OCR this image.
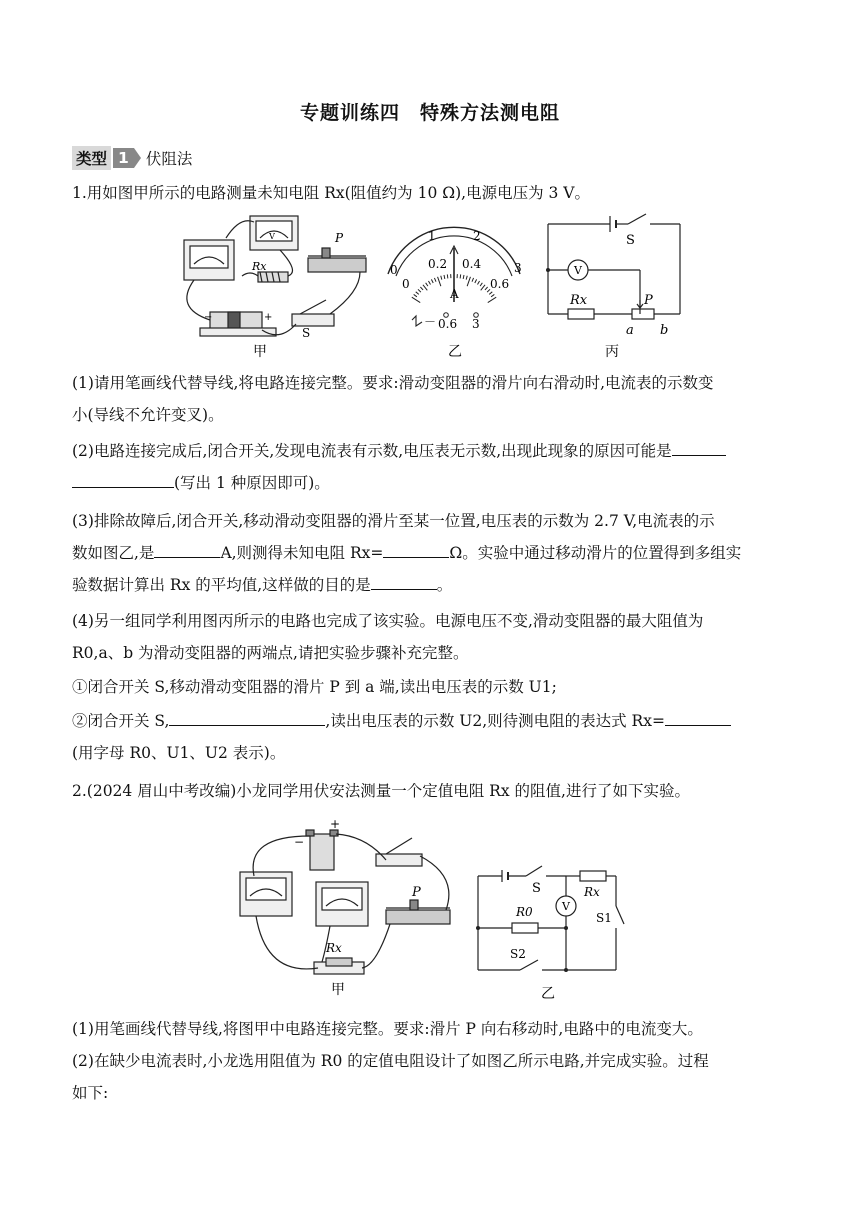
专题训练四　特殊方法测电阻
类型 1	伏阻法
1.用如图甲所示的电路测量未知电阻 Rx(阻值约为 10 Ω),电源电压为 3 V。
V	P
Rx
S
−	+
甲
0
1	2
3
0
0.2 0.4
0.6
A
－ 0.6 3
乙
V
S
Rx	P
a b
丙
(1)请用笔画线代替导线,将电路连接完整。要求:滑动变阻器的滑片向右滑动时,电流表的示数变
小(导线不允许变叉)。
(2)电路连接完成后,闭合开关,发现电流表有示数,电压表无示数,出现此现象的原因可能是
(写出 1 种原因即可)。
(3)排除故障后,闭合开关,移动滑动变阻器的滑片至某一位置,电压表的示数为 2.7 V,电流表的示
数如图乙,是	A,则测得未知电阻 Rx=	Ω。实验中通过移动滑片的位置得到多组实
验数据计算出 Rx 的平均值,这样做的目的是	。
(4)另一组同学利用图丙所示的电路也完成了该实验。电源电压不变,滑动变阻器的最大阻值为
R0,a、b 为滑动变阻器的两端点,请把实验步骤补充完整。
①闭合开关 S,移动滑动变阻器的滑片 P 到 a 端,读出电压表的示数 U1;
②闭合开关 S,	,读出电压表的示数 U2,则待测电阻的表达式 Rx=
(用字母 R0、U1、U2 表示)。
2.(2024 眉山中考改编)小龙同学用伏安法测量一个定值电阻 Rx 的阻值,进行了如下实验。
+
−
P
Rx
甲
V
S	Rx
S1
R0
S2
乙
(1)用笔画线代替导线,将图甲中电路连接完整。要求:滑片 P 向右移动时,电路中的电流变大。
(2)在缺少电流表时,小龙选用阻值为 R0 的定值电阻设计了如图乙所示电路,并完成实验。过程
如下:
